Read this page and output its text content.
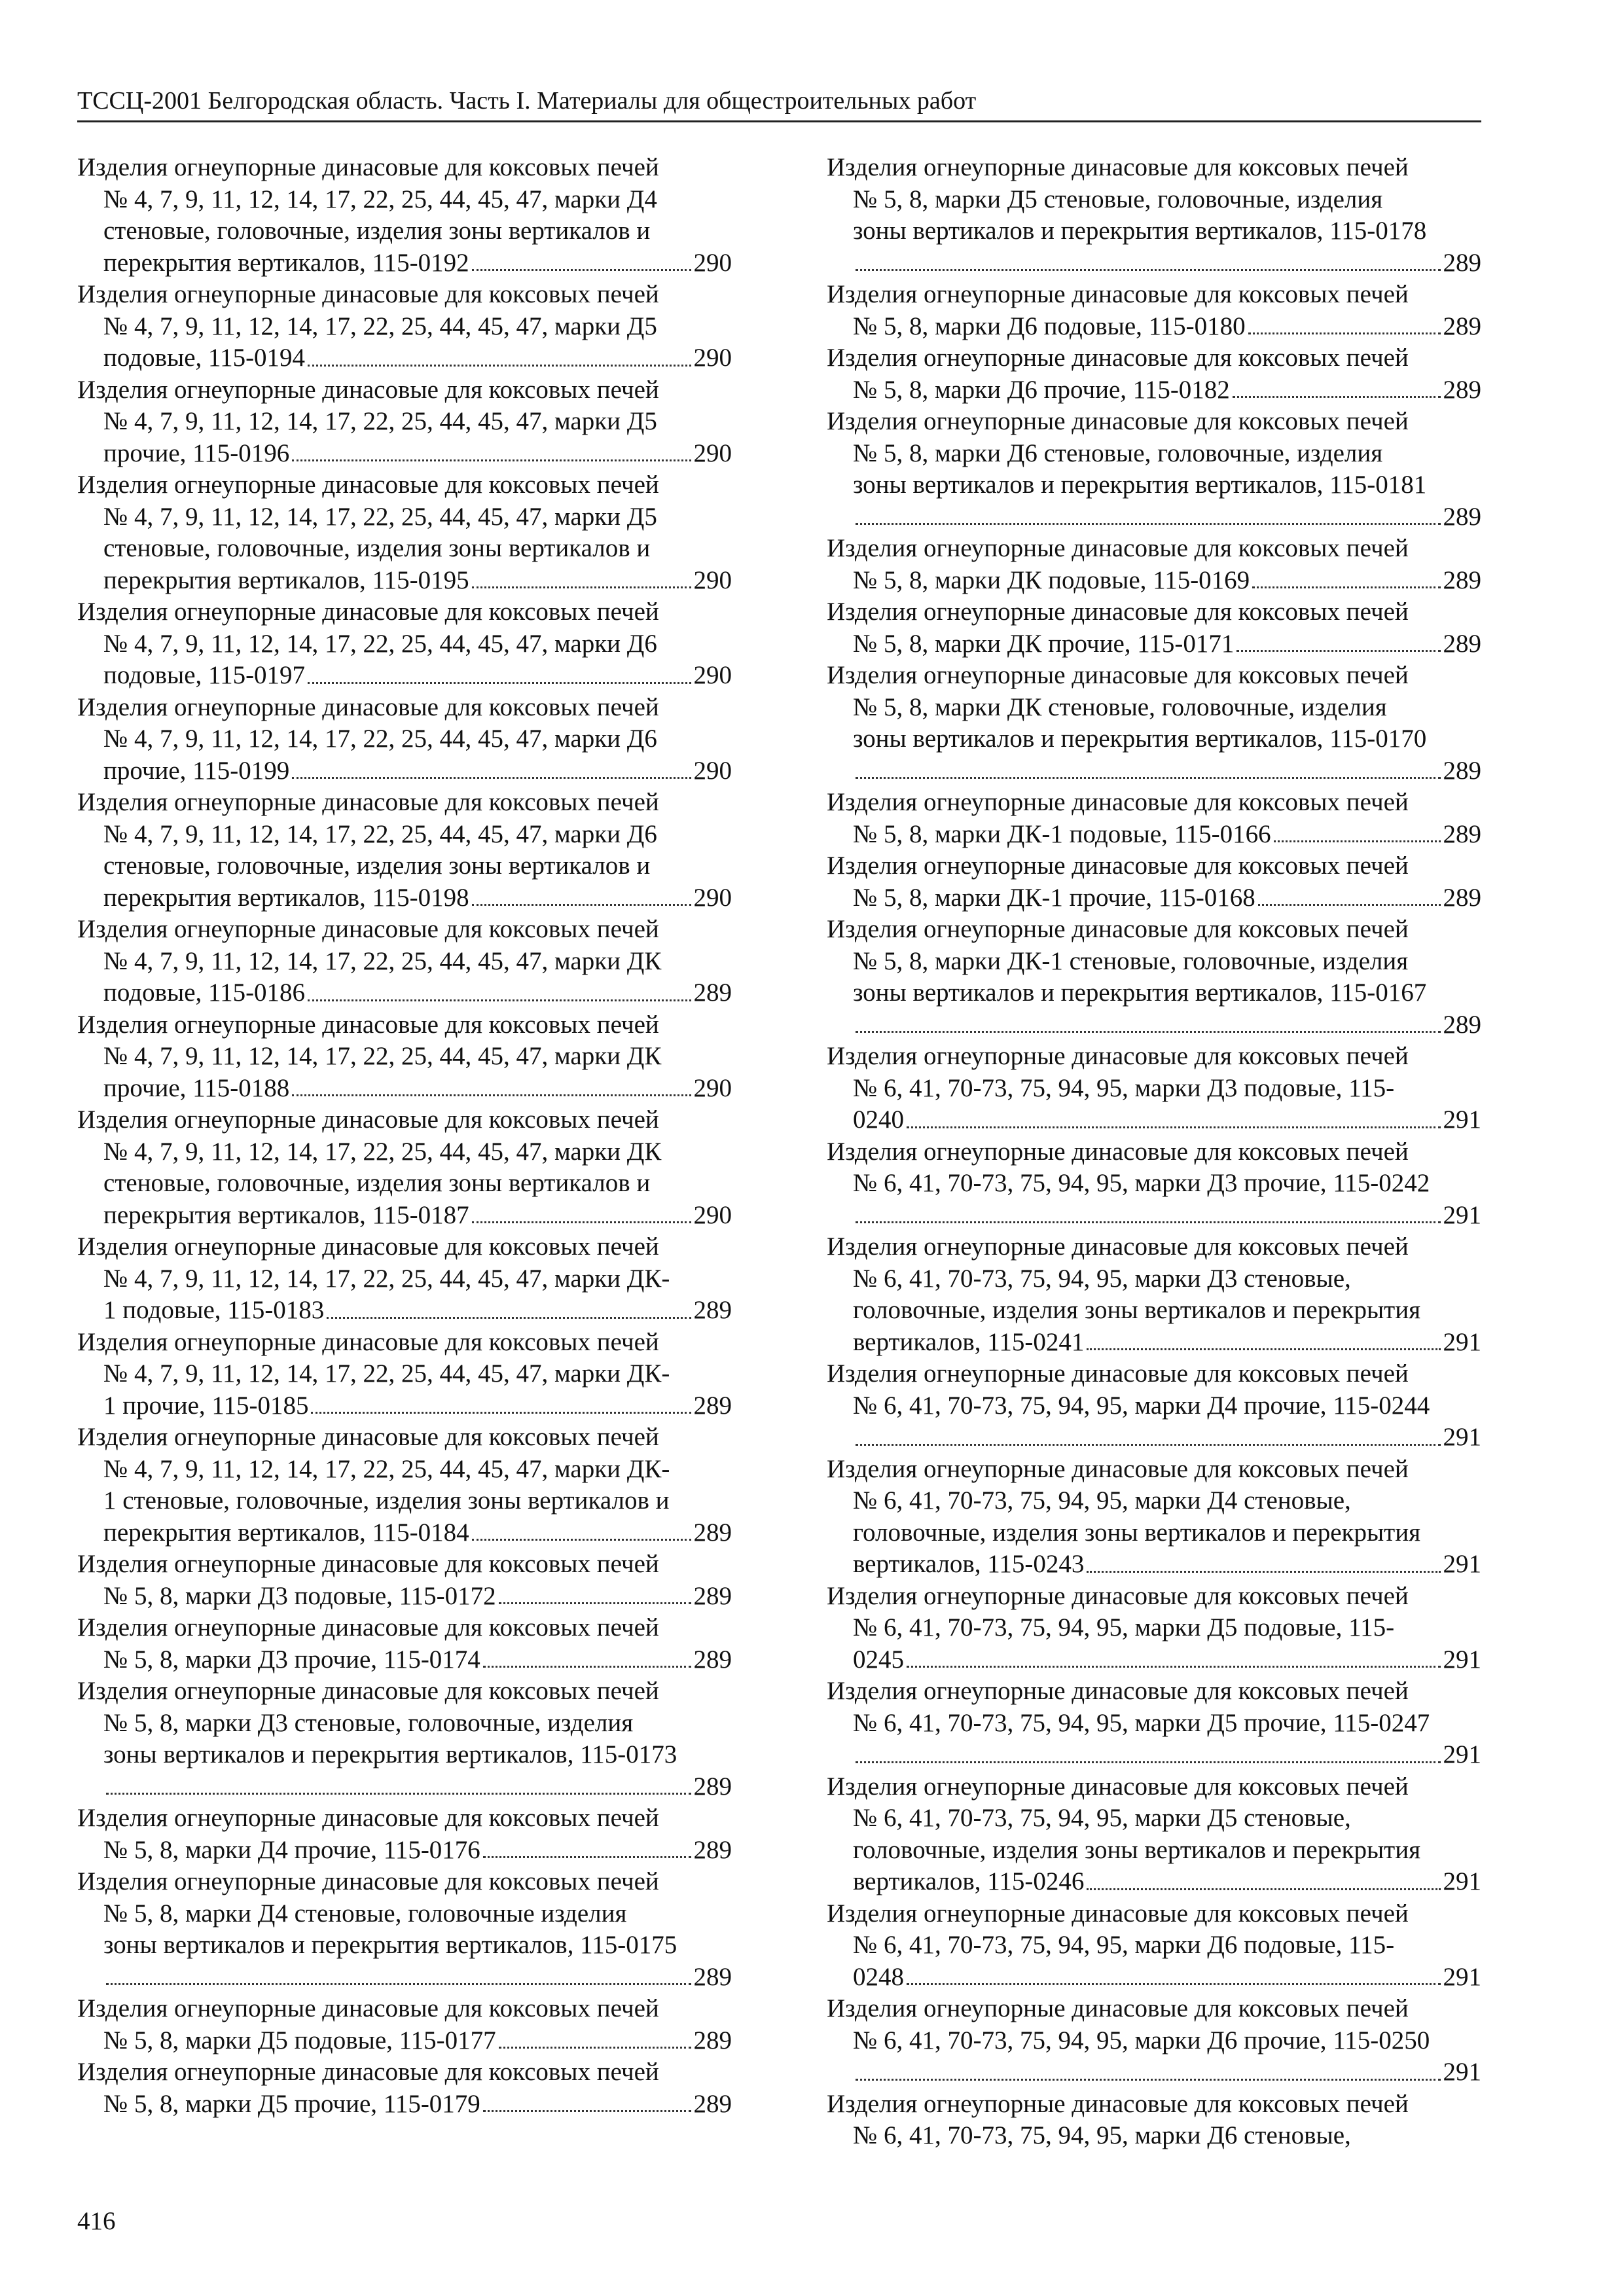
ТССЦ-2001 Белгородская область. Часть I. Материалы для общестроительных работ
Изделия огнеупорные динасовые для коксовых печей
№ 4, 7, 9, 11, 12, 14, 17, 22, 25, 44, 45, 47, марки Д4
стеновые, головочные, изделия зоны вертикалов и
перекрытия вертикалов, 115-0192	290
Изделия огнеупорные динасовые для коксовых печей
№ 4, 7, 9, 11, 12, 14, 17, 22, 25, 44, 45, 47, марки Д5
подовые, 115-0194	290
Изделия огнеупорные динасовые для коксовых печей
№ 4, 7, 9, 11, 12, 14, 17, 22, 25, 44, 45, 47, марки Д5
прочие, 115-0196	290
Изделия огнеупорные динасовые для коксовых печей
№ 4, 7, 9, 11, 12, 14, 17, 22, 25, 44, 45, 47, марки Д5
стеновые, головочные, изделия зоны вертикалов и
перекрытия вертикалов, 115-0195	290
Изделия огнеупорные динасовые для коксовых печей
№ 4, 7, 9, 11, 12, 14, 17, 22, 25, 44, 45, 47, марки Д6
подовые, 115-0197	290
Изделия огнеупорные динасовые для коксовых печей
№ 4, 7, 9, 11, 12, 14, 17, 22, 25, 44, 45, 47, марки Д6
прочие, 115-0199	290
Изделия огнеупорные динасовые для коксовых печей
№ 4, 7, 9, 11, 12, 14, 17, 22, 25, 44, 45, 47, марки Д6
стеновые, головочные, изделия зоны вертикалов и
перекрытия вертикалов, 115-0198	290
Изделия огнеупорные динасовые для коксовых печей
№ 4, 7, 9, 11, 12, 14, 17, 22, 25, 44, 45, 47, марки ДК
подовые, 115-0186	289
Изделия огнеупорные динасовые для коксовых печей
№ 4, 7, 9, 11, 12, 14, 17, 22, 25, 44, 45, 47, марки ДК
прочие, 115-0188	290
Изделия огнеупорные динасовые для коксовых печей
№ 4, 7, 9, 11, 12, 14, 17, 22, 25, 44, 45, 47, марки ДК
стеновые, головочные, изделия зоны вертикалов и
перекрытия вертикалов, 115-0187	290
Изделия огнеупорные динасовые для коксовых печей
№ 4, 7, 9, 11, 12, 14, 17, 22, 25, 44, 45, 47, марки ДК-
1 подовые, 115-0183	289
Изделия огнеупорные динасовые для коксовых печей
№ 4, 7, 9, 11, 12, 14, 17, 22, 25, 44, 45, 47, марки ДК-
1 прочие, 115-0185	289
Изделия огнеупорные динасовые для коксовых печей
№ 4, 7, 9, 11, 12, 14, 17, 22, 25, 44, 45, 47, марки ДК-
1 стеновые, головочные, изделия зоны вертикалов и
перекрытия вертикалов, 115-0184	289
Изделия огнеупорные динасовые для коксовых печей
№ 5, 8, марки Д3 подовые, 115-0172	289
Изделия огнеупорные динасовые для коксовых печей
№ 5, 8, марки Д3 прочие, 115-0174	289
Изделия огнеупорные динасовые для коксовых печей
№ 5, 8, марки Д3 стеновые, головочные, изделия
зоны вертикалов и перекрытия вертикалов, 115-0173
289
Изделия огнеупорные динасовые для коксовых печей
№ 5, 8, марки Д4 прочие, 115-0176	289
Изделия огнеупорные динасовые для коксовых печей
№ 5, 8, марки Д4 стеновые, головочные изделия
зоны вертикалов и перекрытия вертикалов, 115-0175
289
Изделия огнеупорные динасовые для коксовых печей
№ 5, 8, марки Д5 подовые, 115-0177	289
Изделия огнеупорные динасовые для коксовых печей
№ 5, 8, марки Д5 прочие, 115-0179	289
Изделия огнеупорные динасовые для коксовых печей
№ 5, 8, марки Д5 стеновые, головочные, изделия
зоны вертикалов и перекрытия вертикалов, 115-0178
289
Изделия огнеупорные динасовые для коксовых печей
№ 5, 8, марки Д6 подовые, 115-0180	289
Изделия огнеупорные динасовые для коксовых печей
№ 5, 8, марки Д6 прочие, 115-0182	289
Изделия огнеупорные динасовые для коксовых печей
№ 5, 8, марки Д6 стеновые, головочные, изделия
зоны вертикалов и перекрытия вертикалов, 115-0181
289
Изделия огнеупорные динасовые для коксовых печей
№ 5, 8, марки ДК подовые, 115-0169	289
Изделия огнеупорные динасовые для коксовых печей
№ 5, 8, марки ДК прочие, 115-0171	289
Изделия огнеупорные динасовые для коксовых печей
№ 5, 8, марки ДК стеновые, головочные, изделия
зоны вертикалов и перекрытия вертикалов, 115-0170
289
Изделия огнеупорные динасовые для коксовых печей
№ 5, 8, марки ДК-1 подовые, 115-0166	289
Изделия огнеупорные динасовые для коксовых печей
№ 5, 8, марки ДК-1 прочие, 115-0168	289
Изделия огнеупорные динасовые для коксовых печей
№ 5, 8, марки ДК-1 стеновые, головочные, изделия
зоны вертикалов и перекрытия вертикалов, 115-0167
289
Изделия огнеупорные динасовые для коксовых печей
№ 6, 41, 70-73, 75, 94, 95, марки Д3 подовые, 115-
0240	291
Изделия огнеупорные динасовые для коксовых печей
№ 6, 41, 70-73, 75, 94, 95, марки Д3 прочие, 115-0242
291
Изделия огнеупорные динасовые для коксовых печей
№ 6, 41, 70-73, 75, 94, 95, марки Д3 стеновые,
головочные, изделия зоны вертикалов и перекрытия
вертикалов, 115-0241	291
Изделия огнеупорные динасовые для коксовых печей
№ 6, 41, 70-73, 75, 94, 95, марки Д4 прочие, 115-0244
291
Изделия огнеупорные динасовые для коксовых печей
№ 6, 41, 70-73, 75, 94, 95, марки Д4 стеновые,
головочные, изделия зоны вертикалов и перекрытия
вертикалов, 115-0243	291
Изделия огнеупорные динасовые для коксовых печей
№ 6, 41, 70-73, 75, 94, 95, марки Д5 подовые, 115-
0245	291
Изделия огнеупорные динасовые для коксовых печей
№ 6, 41, 70-73, 75, 94, 95, марки Д5 прочие, 115-0247
291
Изделия огнеупорные динасовые для коксовых печей
№ 6, 41, 70-73, 75, 94, 95, марки Д5 стеновые,
головочные, изделия зоны вертикалов и перекрытия
вертикалов, 115-0246	291
Изделия огнеупорные динасовые для коксовых печей
№ 6, 41, 70-73, 75, 94, 95, марки Д6 подовые, 115-
0248	291
Изделия огнеупорные динасовые для коксовых печей
№ 6, 41, 70-73, 75, 94, 95, марки Д6 прочие, 115-0250
291
Изделия огнеупорные динасовые для коксовых печей
№ 6, 41, 70-73, 75, 94, 95, марки Д6 стеновые,
416
